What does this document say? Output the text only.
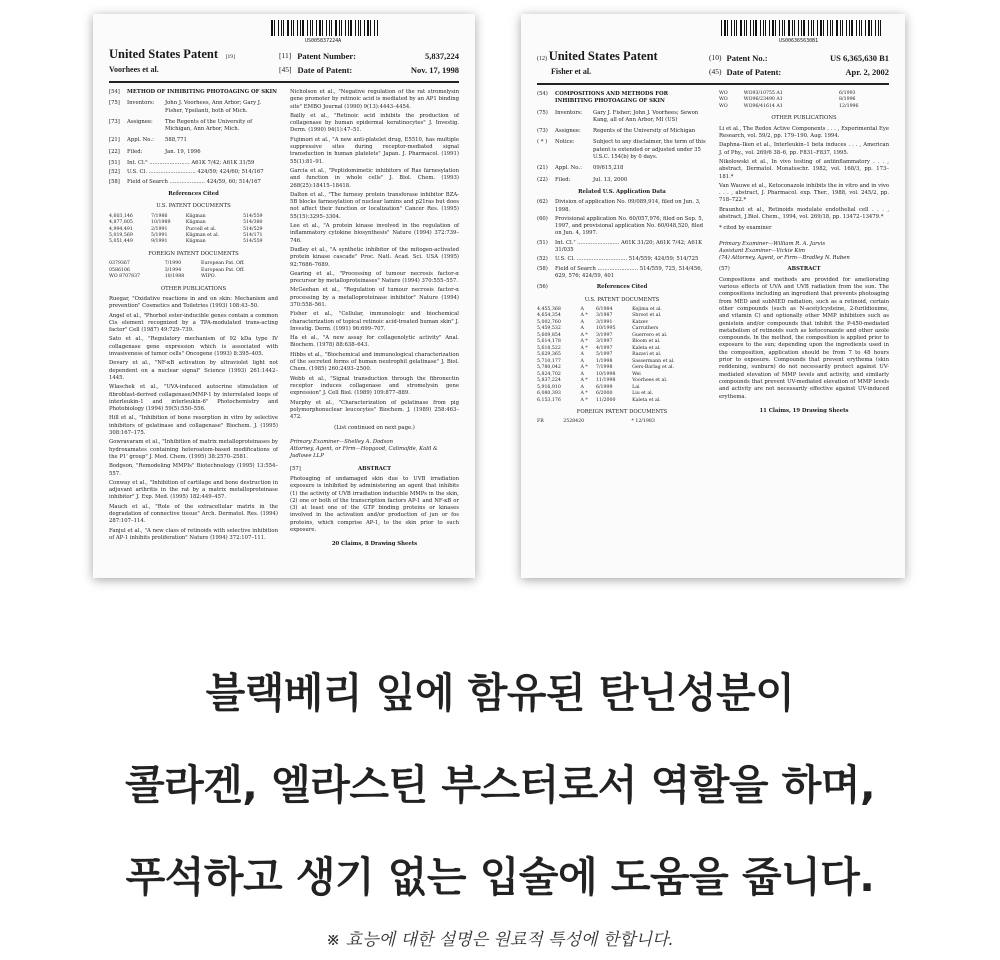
US005837224A
United States Patent [19]	[11] Patent Number:	5,837,224
Voorhees et al.	[45] Date of Patent:	Nov. 17, 1998
[54]	METHOD OF INHIBITING PHOTOAGING OF SKIN
[75]	Inventors:	John J. Voorhees, Ann Arbor; Gary J. Fisher, Ypsilanti, both of Mich.
[73]	Assignee:	The Regents of the University of Michigan, Ann Arbor, Mich.
[21]	Appl. No.:	588,771
[22]	Filed:	Jan. 19, 1996
[51]	Int. Cl.⁶ ........................ A61K 7/42; A61K 31/59
[52]	U.S. Cl. ............................ 424/59; 424/60; 514/167
[58]	Field of Search ..................... 424/59, 60; 514/167
References Cited
U.S. PATENT DOCUMENTS
4,603,146	7/1986	Kligman	514/559
4,877,805	10/1989	Kligman	514/380
4,994,491	2/1991	Purcell et al.	514/529
5,019,569	5/1991	Kligman et al.	514/171
5,051,449	9/1991	Kligman	514/559
FOREIGN PATENT DOCUMENTS
0379367	7/1990	European Pat. Off.
0586106	3/1994	European Pat. Off.
WO 8707837	10/1988	WIPO.
OTHER PUBLICATIONS
Ruegar, "Oxidative reactions in and on skin: Mechanism and prevention" Cosmetics and Toiletries (1993) 108:43–50.
Angel et al., "Phorbol ester-inducible genes contain a common Cis element recognized by a TPA-modulated trans-acting factor" Cell (1987) 49:729–739.
Sato et al., "Regulatory mechanism of 92 kDa type IV collagenase gene expression which is associated with invasiveness of tumor cells" Oncogene (1993) 8:395–405.
Devary et al., "NF-κB activation by ultraviolet light not dependent on a nuclear signal" Science (1993) 261:1442–1445.
Wlaschek et al., "UVA-induced autocrine stimulation of fibroblast-derived collagenase/MMP-1 by interrelated loops of interleukin-1 and interleukin-6" Photochemistry and Photobiology (1994) 59(5):550–556.
Hill et al., "Inhibition of bone resorption in vitro by selective inhibitors of gelatinase and collagenase" Biochem. J. (1995) 308:167–175.
Gowravaram et al., "Inhibition of matrix metalloproteinases by hydroxamates containing heteroatom-based modifications of the P1' group" J. Med. Chem. (1995) 38:2570–2581.
Bodgson, "Remodeling MMPIs" Biotechnology (1995) 13:554–557.
Conway et al., "Inhibition of cartilage and bone destruction in adjuvant arthritis in the rat by a matrix metalloproteinase inhibitor" J. Exp. Med. (1995) 182:449–457.
Mauch et al., "Role of the extracellular matrix in the degradation of connective tissue" Arch. Dermatol. Res. (1994) 287:107–114.
Fanjul et al., "A new class of retinoids with selective inhibition of AP-1 inhibits proliferation" Nature (1994) 372:107–111.
Nicholson et al., "Negative regulation of the rat stromelysin gene promoter by retinoic acid is mediated by an AP1 binding site" EMBO Journal (1990) 9(13):4443–4454.
Bailly et al., "Retinoic acid inhibits the production of collagenase by human epidermal keratinocytes" J. Investig. Derm. (1990) 94(1):47–51.
Fujimori et al., "A new anti-platelet drug, E5510, has multiple suppressive sites during receptor-mediated signal transduction in human platelets" Japan. J. Pharmacol. (1991) 55(1):81–91.
Garcia et al., "Peptidomimetic inhibitors of Ras farnesylation and function in whole cells" J. Biol. Chem. (1993) 268(25):18415–18418.
Dalton et al., "The farnesy protein transferase inhibitor BZA-5B blocks farnesylation of nuclear lamins and p21ras but does not affect their function or localization" Cancer Res. (1995) 55(15):3295–3304.
Lee et al., "A protein kinase involved in the regulation of inflammatory cytokine biosynthesis" Nature (1994) 372:739–746.
Dudley et al., "A synthetic inhibitor of the mitogen-activated protein kinase cascade" Proc. Natl. Acad. Sci. USA (1995) 92:7686–7689.
Gearing et al., "Processing of tumour necrosis factor-α precursor by metalloproteinases" Nature (1994) 370:555–557.
McGeehan et al., "Regulation of tumour necrosis factor-α processing by a metalloproteinase inhibitor" Nature (1994) 370:558–561.
Fisher et al., "Cellular, immunologic and biochemical characterization of topical retinoic acid-treated human skin" J. Investig. Derm. (1991) 96:699–707.
Ha et al., "A new assay for collagenolytic activity" Anal. Biochem. (1978) 88:638–643.
Hibbs et al., "Biochemical and immunological characterization of the secreted forms of human neutrophil gelatinase" J. Biol. Chem. (1985) 260:2493–2500.
Webb et al., "Signal transduction through the fibronectin receptor induces collagenase and stromelysin gene expression" J. Cell Biol. (1989) 109:877–889.
Murphy et al., "Characterization of gelatinase from pig polymorphonuclear leucocytes" Biochem. J. (1989) 258:463–472.
(List continued on next page.)
Primary Examiner—Shelley A. Dodson
Attorney, Agent, or Firm—Hopgood, Calimafde, Kalil & Judlowe LLP
[57]	ABSTRACT
Photoaging of undamaged skin due to UVB irradiation exposure is inhibited by administering an agent that inhibits (1) the activity of UVB irradiation inducible MMPs in the skin, (2) one or both of the transcription factors AP-1 and NF-κB or (3) at least one of the GTP binding proteins or kinases involved in the activation and/or production of jun or fos proteins, which comprise AP-1, to the skin prior to such exposure.
20 Claims, 8 Drawing Sheets
US006365630B1
(12) United States Patent	(10) Patent No.:	US 6,365,630 B1
Fisher et al.	(45) Date of Patent:	Apr. 2, 2002
(54)	COMPOSITIONS AND METHODS FOR INHIBITING PHOTOAGING OF SKIN
(75)	Inventors:	Gary J. Fisher; John J. Voorhees; Sewon Kang, all of Ann Arbor, MI (US)
(73)	Assignee:	Regents of the University of Michigan
( * )	Notice:	Subject to any disclaimer, the term of this patent is extended or adjusted under 35 U.S.C. 154(b) by 0 days.
(21)	Appl. No.:	09/615,218
(22)	Filed:	Jul. 13, 2000
Related U.S. Application Data
(62)	Division of application No. 09/089,914, filed on Jun. 3, 1998.
(60)	Provisional application No. 60/057,976, filed on Sep. 5, 1997, and provisional application No. 60/048,520, filed on Jun. 4, 1997.
(51)	Int. Cl.⁷ ......................... A61K 31/20; A61K 7/42; A61K 31/035
(52)	U.S. Cl. .............................. 514/559; 424/59; 514/725
(58)	Field of Search ........................ 514/559, 725, 514/456, 629, 576; 424/59, 401
(56)	References Cited
U.S. PATENT DOCUMENTS
4,455,368	A	6/1984	Kojima et al.
4,654,354	A *	3/1987	Shroot et al.
5,002,760	A	3/1991	Katzev
5,459,532	A	10/1995	Carruthers
5,609,854	A *	3/1997	Guerrero et al.
5,614,178	A *	3/1997	Bloom et al.
5,618,522	A *	4/1997	Kaleta et al.
5,629,365	A	5/1997	Razavi et al.
5,710,177	A	1/1998	Sassermann et al.
5,780,042	A *	7/1998	Gers-Barlag et al.
5,824,702	A	10/1998	Wei
5,837,224	A *	11/1998	Voorhees et al.
5,916,910	A	6/1999	Lai
6,080,393	A *	6/2000	Liu et al.
6,153,176	A *	11/2000	Kaleta et al.
FOREIGN PATENT DOCUMENTS
FR	2528420	* 12/1983
WO	WO93/10755 A1	6/1993
WO	WO96/23490 A1	8/1996
WO	WO96/41614 A1	12/1996
OTHER PUBLICATIONS
Li et al., The Redox Active Components . . . , Experimental Eye Research, vol. 59/2, pp. 179–190. Aug. 1994.
Daphna–Iken et al., Interleukin–1 beta induces . . . , American J. of Phy., vol. 269/6 38–6, pp. F831–F837, 1995.
Nikolowski et al., In vivo testing of antiinflammatory . . . , abstract, Dermatol. Monatsschr. 1982, vol. 168/3, pp. 173–181.*
Van Wauwe et al., Ketoconazole inhibits the in vitro and in vivo . . . , abstract, J. Pharmacol. exp. Ther., 1988, vol. 245/2, pp. 718–722.*
Braunhut et al., Retinoids modulate endothelial cell . . . , abstract, J.Biol. Chem., 1994, vol. 269/18, pp. 13472–13479.*
* cited by examiner
Primary Examiner—William R. A. Jarvis
Assistant Examiner—Vickie Kim
(74) Attorney, Agent, or Firm—Bradley N. Ruben
(57)	ABSTRACT
Compositions and methods are provided for ameliorating various effects of UVA and UVB radiation from the sun. The compositions including an ingredient that prevents photoaging from MED and subMED radiation, such as a retinoid, certain other compounds (such as N-acetylcysteine, 2-furildioxime, and vitamin C) and optionally other MMP inhibitors such as genistein and/or compounds that inhibit the P-450-mediated metabolism of retinoids such as ketoconazole and other azole compounds. In the method, the composition is applied prior to exposure to the sun; depending upon the ingredients used in the composition, application should be from 7 to 48 hours prior to exposure. Compounds that prevent erythema (skin reddening, sunburn) do not necessarily protect against UV-mediated elevation of MMP levels and activity, and similarly compounds that prevent UV-mediated elevation of MMP levels and activity are not necessarily effective against UV-induced erythema.
11 Claims, 19 Drawing Sheets
블랙베리 잎에 함유된 탄닌성분이
콜라겐, 엘라스틴 부스터로서 역할을 하며,
푸석하고 생기 없는 입술에 도움을 줍니다.
※ 효능에 대한 설명은 원료적 특성에 한합니다.
